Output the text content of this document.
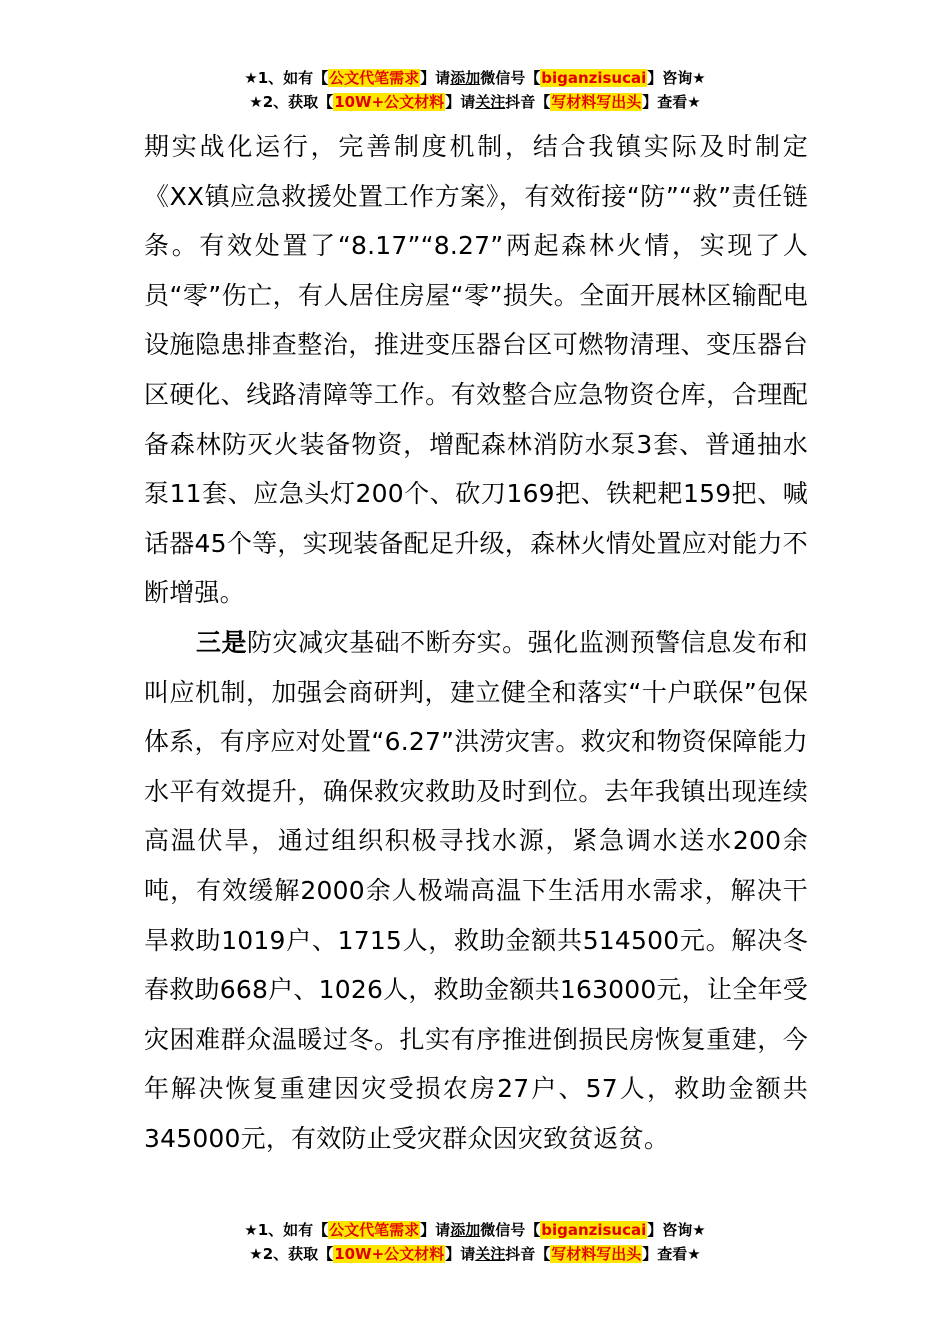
★1、如有【公文代笔需求】请添加微信号【biganzisucai】咨询★
★2、获取【10W+公文材料】请关注抖音【写材料写出头】查看★

期实战化运行，完善制度机制，结合我镇实际及时制定《XX镇应急救援处置工作方案》，有效衔接“防”“救”责任链条。有效处置了“8.17”“8.27”两起森林火情，实现了人员“零”伤亡，有人居住房屋“零”损失。全面开展林区输配电设施隐患排查整治，推进变压器台区可燃物清理、变压器台区硬化、线路清障等工作。有效整合应急物资仓库，合理配备森林防灭火装备物资，增配森林消防水泵3套、普通抽水泵11套、应急头灯200个、砍刀169把、铁耙耙159把、喊话器45个等，实现装备配足升级，森林火情处置应对能力不断增强。

三是防灾减灾基础不断夯实。强化监测预警信息发布和叫应机制，加强会商研判，建立健全和落实“十户联保”包保体系，有序应对处置“6.27”洪涝灾害。救灾和物资保障能力水平有效提升，确保救灾救助及时到位。去年我镇出现连续高温伏旱，通过组织积极寻找水源，紧急调水送水200余吨，有效缓解2000余人极端高温下生活用水需求，解决干旱救助1019户、1715人，救助金额共514500元。解决冬春救助668户、1026人，救助金额共163000元，让全年受灾困难群众温暖过冬。扎实有序推进倒损民房恢复重建，今年解决恢复重建因灾受损农房27户、57人，救助金额共345000元，有效防止受灾群众因灾致贫返贫。

★1、如有【公文代笔需求】请添加微信号【biganzisucai】咨询★
★2、获取【10W+公文材料】请关注抖音【写材料写出头】查看★
